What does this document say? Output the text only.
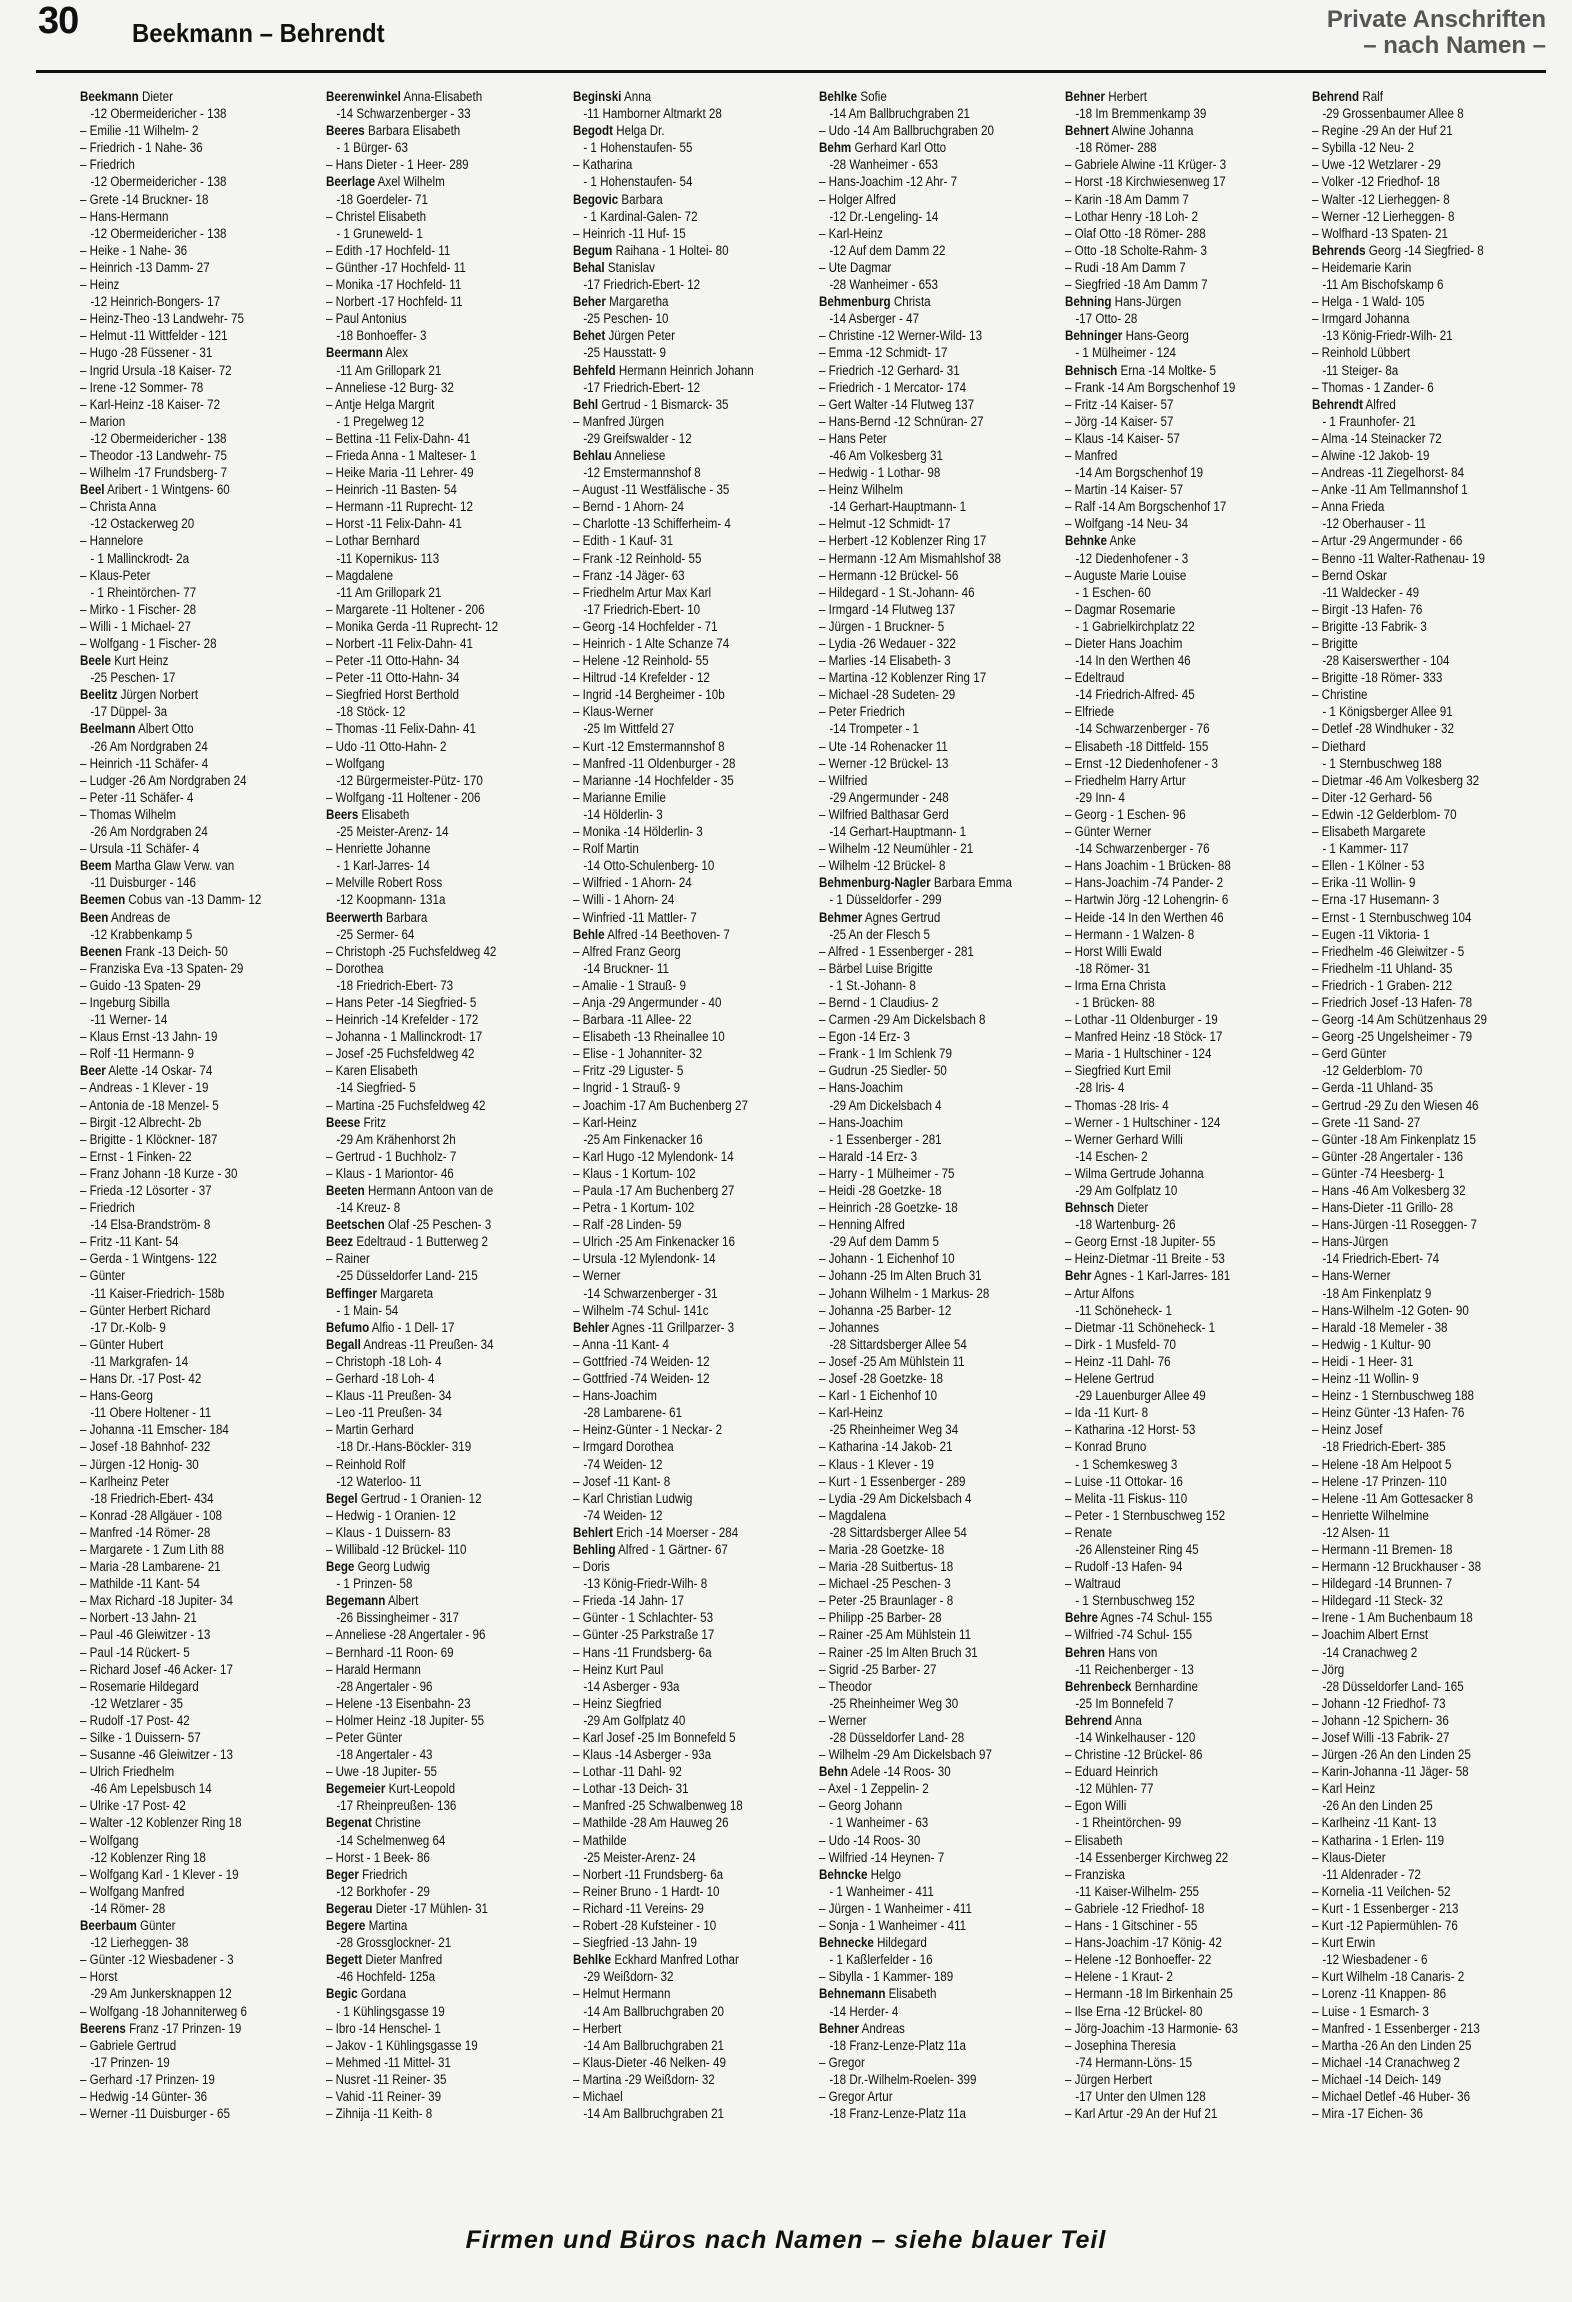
30 Beekmann – Behrendt	Private Anschriften
– nach Namen –
Beekmann Dieter
-12 Obermeidericher - 138
– Emilie -11 Wilhelm- 2
– Friedrich - 1 Nahe- 36
– Friedrich
-12 Obermeidericher - 138
– Grete -14 Bruckner- 18
– Hans-Hermann
-12 Obermeidericher - 138
– Heike - 1 Nahe- 36
– Heinrich -13 Damm- 27
– Heinz
-12 Heinrich-Bongers- 17
– Heinz-Theo -13 Landwehr- 75
– Helmut -11 Wittfelder - 121
– Hugo -28 Füssener - 31
– Ingrid Ursula -18 Kaiser- 72
– Irene -12 Sommer- 78
– Karl-Heinz -18 Kaiser- 72
– Marion
-12 Obermeidericher - 138
– Theodor -13 Landwehr- 75
– Wilhelm -17 Frundsberg- 7
Beel Aribert - 1 Wintgens- 60
– Christa Anna
-12 Ostackerweg 20
– Hannelore
- 1 Mallinckrodt- 2a
– Klaus-Peter
- 1 Rheintörchen- 77
– Mirko - 1 Fischer- 28
– Willi - 1 Michael- 27
– Wolfgang - 1 Fischer- 28
Beele Kurt Heinz
-25 Peschen- 17
Beelitz Jürgen Norbert
-17 Düppel- 3a
Beelmann Albert Otto
-26 Am Nordgraben 24
– Heinrich -11 Schäfer- 4
– Ludger -26 Am Nordgraben 24
– Peter -11 Schäfer- 4
– Thomas Wilhelm
-26 Am Nordgraben 24
– Ursula -11 Schäfer- 4
Beem Martha Glaw Verw. van
-11 Duisburger - 146
Beemen Cobus van -13 Damm- 12
Been Andreas de
-12 Krabbenkamp 5
Beenen Frank -13 Deich- 50
– Franziska Eva -13 Spaten- 29
– Guido -13 Spaten- 29
– Ingeburg Sibilla
-11 Werner- 14
– Klaus Ernst -13 Jahn- 19
– Rolf -11 Hermann- 9
Beer Alette -14 Oskar- 74
– Andreas - 1 Klever - 19
– Antonia de -18 Menzel- 5
– Birgit -12 Albrecht- 2b
– Brigitte - 1 Klöckner- 187
– Ernst - 1 Finken- 22
– Franz Johann -18 Kurze - 30
– Frieda -12 Lösorter - 37
– Friedrich
-14 Elsa-Brandström- 8
– Fritz -11 Kant- 54
– Gerda - 1 Wintgens- 122
– Günter
-11 Kaiser-Friedrich- 158b
– Günter Herbert Richard
-17 Dr.-Kolb- 9
– Günter Hubert
-11 Markgrafen- 14
– Hans Dr. -17 Post- 42
– Hans-Georg
-11 Obere Holtener - 11
– Johanna -11 Emscher- 184
– Josef -18 Bahnhof- 232
– Jürgen -12 Honig- 30
– Karlheinz Peter
-18 Friedrich-Ebert- 434
– Konrad -28 Allgäuer - 108
– Manfred -14 Römer- 28
– Margarete - 1 Zum Lith 88
– Maria -28 Lambarene- 21
– Mathilde -11 Kant- 54
– Max Richard -18 Jupiter- 34
– Norbert -13 Jahn- 21
– Paul -46 Gleiwitzer - 13
– Paul -14 Rückert- 5
– Richard Josef -46 Acker- 17
– Rosemarie Hildegard
-12 Wetzlarer - 35
– Rudolf -17 Post- 42
– Silke - 1 Duissern- 57
– Susanne -46 Gleiwitzer - 13
– Ulrich Friedhelm
-46 Am Lepelsbusch 14
– Ulrike -17 Post- 42
– Walter -12 Koblenzer Ring 18
– Wolfgang
-12 Koblenzer Ring 18
– Wolfgang Karl - 1 Klever - 19
– Wolfgang Manfred
-14 Römer- 28
Beerbaum Günter
-12 Lierheggen- 38
– Günter -12 Wiesbadener - 3
– Horst
-29 Am Junkersknappen 12
– Wolfgang -18 Johanniterweg 6
Beerens Franz -17 Prinzen- 19
– Gabriele Gertrud
-17 Prinzen- 19
– Gerhard -17 Prinzen- 19
– Hedwig -14 Günter- 36
– Werner -11 Duisburger - 65
Beerenwinkel Anna-Elisabeth
-14 Schwarzenberger - 33
Beeres Barbara Elisabeth
- 1 Bürger- 63
– Hans Dieter - 1 Heer- 289
Beerlage Axel Wilhelm
-18 Goerdeler- 71
– Christel Elisabeth
- 1 Gruneweld- 1
– Edith -17 Hochfeld- 11
– Günther -17 Hochfeld- 11
– Monika -17 Hochfeld- 11
– Norbert -17 Hochfeld- 11
– Paul Antonius
-18 Bonhoeffer- 3
Beermann Alex
-11 Am Grillopark 21
– Anneliese -12 Burg- 32
– Antje Helga Margrit
- 1 Pregelweg 12
– Bettina -11 Felix-Dahn- 41
– Frieda Anna - 1 Malteser- 1
– Heike Maria -11 Lehrer- 49
– Heinrich -11 Basten- 54
– Hermann -11 Ruprecht- 12
– Horst -11 Felix-Dahn- 41
– Lothar Bernhard
-11 Kopernikus- 113
– Magdalene
-11 Am Grillopark 21
– Margarete -11 Holtener - 206
– Monika Gerda -11 Ruprecht- 12
– Norbert -11 Felix-Dahn- 41
– Peter -11 Otto-Hahn- 34
– Peter -11 Otto-Hahn- 34
– Siegfried Horst Berthold
-18 Stöck- 12
– Thomas -11 Felix-Dahn- 41
– Udo -11 Otto-Hahn- 2
– Wolfgang
-12 Bürgermeister-Pütz- 170
– Wolfgang -11 Holtener - 206
Beers Elisabeth
-25 Meister-Arenz- 14
– Henriette Johanne
- 1 Karl-Jarres- 14
– Melville Robert Ross
-12 Koopmann- 131a
Beerwerth Barbara
-25 Sermer- 64
– Christoph -25 Fuchsfeldweg 42
– Dorothea
-18 Friedrich-Ebert- 73
– Hans Peter -14 Siegfried- 5
– Heinrich -14 Krefelder - 172
– Johanna - 1 Mallinckrodt- 17
– Josef -25 Fuchsfeldweg 42
– Karen Elisabeth
-14 Siegfried- 5
– Martina -25 Fuchsfeldweg 42
Beese Fritz
-29 Am Krähenhorst 2h
– Gertrud - 1 Buchholz- 7
– Klaus - 1 Mariontor- 46
Beeten Hermann Antoon van de
-14 Kreuz- 8
Beetschen Olaf -25 Peschen- 3
Beez Edeltraud - 1 Butterweg 2
– Rainer
-25 Düsseldorfer Land- 215
Beffinger Margareta
- 1 Main- 54
Befumo Alfio - 1 Dell- 17
Begall Andreas -11 Preußen- 34
– Christoph -18 Loh- 4
– Gerhard -18 Loh- 4
– Klaus -11 Preußen- 34
– Leo -11 Preußen- 34
– Martin Gerhard
-18 Dr.-Hans-Böckler- 319
– Reinhold Rolf
-12 Waterloo- 11
Begel Gertrud - 1 Oranien- 12
– Hedwig - 1 Oranien- 12
– Klaus - 1 Duissern- 83
– Willibald -12 Brückel- 110
Bege Georg Ludwig
- 1 Prinzen- 58
Begemann Albert
-26 Bissingheimer - 317
– Anneliese -28 Angertaler - 96
– Bernhard -11 Roon- 69
– Harald Hermann
-28 Angertaler - 96
– Helene -13 Eisenbahn- 23
– Holmer Heinz -18 Jupiter- 55
– Peter Günter
-18 Angertaler - 43
– Uwe -18 Jupiter- 55
Begemeier Kurt-Leopold
-17 Rheinpreußen- 136
Begenat Christine
-14 Schelmenweg 64
– Horst - 1 Beek- 86
Beger Friedrich
-12 Borkhofer - 29
Begerau Dieter -17 Mühlen- 31
Begere Martina
-28 Grossglockner- 21
Begett Dieter Manfred
-46 Hochfeld- 125a
Begic Gordana
- 1 Kühlingsgasse 19
– Ibro -14 Henschel- 1
– Jakov - 1 Kühlingsgasse 19
– Mehmed -11 Mittel- 31
– Nusret -11 Reiner- 35
– Vahid -11 Reiner- 39
– Zihnija -11 Keith- 8
Beginski Anna
-11 Hamborner Altmarkt 28
Begodt Helga Dr.
- 1 Hohenstaufen- 55
– Katharina
- 1 Hohenstaufen- 54
Begovic Barbara
- 1 Kardinal-Galen- 72
– Heinrich -11 Huf- 15
Begum Raihana - 1 Holtei- 80
Behal Stanislav
-17 Friedrich-Ebert- 12
Beher Margaretha
-25 Peschen- 10
Behet Jürgen Peter
-25 Hausstatt- 9
Behfeld Hermann Heinrich Johann
-17 Friedrich-Ebert- 12
Behl Gertrud - 1 Bismarck- 35
– Manfred Jürgen
-29 Greifswalder - 12
Behlau Anneliese
-12 Emstermannshof 8
– August -11 Westfälische - 35
– Bernd - 1 Ahorn- 24
– Charlotte -13 Schifferheim- 4
– Edith - 1 Kauf- 31
– Frank -12 Reinhold- 55
– Franz -14 Jäger- 63
– Friedhelm Artur Max Karl
-17 Friedrich-Ebert- 10
– Georg -14 Hochfelder - 71
– Heinrich - 1 Alte Schanze 74
– Helene -12 Reinhold- 55
– Hiltrud -14 Krefelder - 12
– Ingrid -14 Bergheimer - 10b
– Klaus-Werner
-25 Im Wittfeld 27
– Kurt -12 Emstermannshof 8
– Manfred -11 Oldenburger - 28
– Marianne -14 Hochfelder - 35
– Marianne Emilie
-14 Hölderlin- 3
– Monika -14 Hölderlin- 3
– Rolf Martin
-14 Otto-Schulenberg- 10
– Wilfried - 1 Ahorn- 24
– Willi - 1 Ahorn- 24
– Winfried -11 Mattler- 7
Behle Alfred -14 Beethoven- 7
– Alfred Franz Georg
-14 Bruckner- 11
– Amalie - 1 Strauß- 9
– Anja -29 Angermunder - 40
– Barbara -11 Allee- 22
– Elisabeth -13 Rheinallee 10
– Elise - 1 Johanniter- 32
– Fritz -29 Liguster- 5
– Ingrid - 1 Strauß- 9
– Joachim -17 Am Buchenberg 27
– Karl-Heinz
-25 Am Finkenacker 16
– Karl Hugo -12 Mylendonk- 14
– Klaus - 1 Kortum- 102
– Paula -17 Am Buchenberg 27
– Petra - 1 Kortum- 102
– Ralf -28 Linden- 59
– Ulrich -25 Am Finkenacker 16
– Ursula -12 Mylendonk- 14
– Werner
-14 Schwarzenberger - 31
– Wilhelm -74 Schul- 141c
Behler Agnes -11 Grillparzer- 3
– Anna -11 Kant- 4
– Gottfried -74 Weiden- 12
– Gottfried -74 Weiden- 12
– Hans-Joachim
-28 Lambarene- 61
– Heinz-Günter - 1 Neckar- 2
– Irmgard Dorothea
-74 Weiden- 12
– Josef -11 Kant- 8
– Karl Christian Ludwig
-74 Weiden- 12
Behlert Erich -14 Moerser - 284
Behling Alfred - 1 Gärtner- 67
– Doris
-13 König-Friedr-Wilh- 8
– Frieda -14 Jahn- 17
– Günter - 1 Schlachter- 53
– Günter -25 Parkstraße 17
– Hans -11 Frundsberg- 6a
– Heinz Kurt Paul
-14 Asberger - 93a
– Heinz Siegfried
-29 Am Golfplatz 40
– Karl Josef -25 Im Bonnefeld 5
– Klaus -14 Asberger - 93a
– Lothar -11 Dahl- 92
– Lothar -13 Deich- 31
– Manfred -25 Schwalbenweg 18
– Mathilde -28 Am Hauweg 26
– Mathilde
-25 Meister-Arenz- 24
– Norbert -11 Frundsberg- 6a
– Reiner Bruno - 1 Hardt- 10
– Richard -11 Vereins- 29
– Robert -28 Kufsteiner - 10
– Siegfried -13 Jahn- 19
Behlke Eckhard Manfred Lothar
-29 Weißdorn- 32
– Helmut Hermann
-14 Am Ballbruchgraben 20
– Herbert
-14 Am Ballbruchgraben 21
– Klaus-Dieter -46 Nelken- 49
– Martina -29 Weißdorn- 32
– Michael
-14 Am Ballbruchgraben 21
Behlke Sofie
-14 Am Ballbruchgraben 21
– Udo -14 Am Ballbruchgraben 20
Behm Gerhard Karl Otto
-28 Wanheimer - 653
– Hans-Joachim -12 Ahr- 7
– Holger Alfred
-12 Dr.-Lengeling- 14
– Karl-Heinz
-12 Auf dem Damm 22
– Ute Dagmar
-28 Wanheimer - 653
Behmenburg Christa
-14 Asberger - 47
– Christine -12 Werner-Wild- 13
– Emma -12 Schmidt- 17
– Friedrich -12 Gerhard- 31
– Friedrich - 1 Mercator- 174
– Gert Walter -14 Flutweg 137
– Hans-Bernd -12 Schnüran- 27
– Hans Peter
-46 Am Volkesberg 31
– Hedwig - 1 Lothar- 98
– Heinz Wilhelm
-14 Gerhart-Hauptmann- 1
– Helmut -12 Schmidt- 17
– Herbert -12 Koblenzer Ring 17
– Hermann -12 Am Mismahlshof 38
– Hermann -12 Brückel- 56
– Hildegard - 1 St.-Johann- 46
– Irmgard -14 Flutweg 137
– Jürgen - 1 Bruckner- 5
– Lydia -26 Wedauer - 322
– Marlies -14 Elisabeth- 3
– Martina -12 Koblenzer Ring 17
– Michael -28 Sudeten- 29
– Peter Friedrich
-14 Trompeter - 1
– Ute -14 Rohenacker 11
– Werner -12 Brückel- 13
– Wilfried
-29 Angermunder - 248
– Wilfried Balthasar Gerd
-14 Gerhart-Hauptmann- 1
– Wilhelm -12 Neumühler - 21
– Wilhelm -12 Brückel- 8
Behmenburg-Nagler Barbara Emma
- 1 Düsseldorfer - 299
Behmer Agnes Gertrud
-25 An der Flesch 5
– Alfred - 1 Essenberger - 281
– Bärbel Luise Brigitte
- 1 St.-Johann- 8
– Bernd - 1 Claudius- 2
– Carmen -29 Am Dickelsbach 8
– Egon -14 Erz- 3
– Frank - 1 Im Schlenk 79
– Gudrun -25 Siedler- 50
– Hans-Joachim
-29 Am Dickelsbach 4
– Hans-Joachim
- 1 Essenberger - 281
– Harald -14 Erz- 3
– Harry - 1 Mülheimer - 75
– Heidi -28 Goetzke- 18
– Heinrich -28 Goetzke- 18
– Henning Alfred
-29 Auf dem Damm 5
– Johann - 1 Eichenhof 10
– Johann -25 Im Alten Bruch 31
– Johann Wilhelm - 1 Markus- 28
– Johanna -25 Barber- 12
– Johannes
-28 Sittardsberger Allee 54
– Josef -25 Am Mühlstein 11
– Josef -28 Goetzke- 18
– Karl - 1 Eichenhof 10
– Karl-Heinz
-25 Rheinheimer Weg 34
– Katharina -14 Jakob- 21
– Klaus - 1 Klever - 19
– Kurt - 1 Essenberger - 289
– Lydia -29 Am Dickelsbach 4
– Magdalena
-28 Sittardsberger Allee 54
– Maria -28 Goetzke- 18
– Maria -28 Suitbertus- 18
– Michael -25 Peschen- 3
– Peter -25 Braunlager - 8
– Philipp -25 Barber- 28
– Rainer -25 Am Mühlstein 11
– Rainer -25 Im Alten Bruch 31
– Sigrid -25 Barber- 27
– Theodor
-25 Rheinheimer Weg 30
– Werner
-28 Düsseldorfer Land- 28
– Wilhelm -29 Am Dickelsbach 97
Behn Adele -14 Roos- 30
– Axel - 1 Zeppelin- 2
– Georg Johann
- 1 Wanheimer - 63
– Udo -14 Roos- 30
– Wilfried -14 Heynen- 7
Behncke Helgo
- 1 Wanheimer - 411
– Jürgen - 1 Wanheimer - 411
– Sonja - 1 Wanheimer - 411
Behnecke Hildegard
- 1 Kaßlerfelder - 16
– Sibylla - 1 Kammer- 189
Behnemann Elisabeth
-14 Herder- 4
Behner Andreas
-18 Franz-Lenze-Platz 11a
– Gregor
-18 Dr.-Wilhelm-Roelen- 399
– Gregor Artur
-18 Franz-Lenze-Platz 11a
Behner Herbert
-18 Im Bremmenkamp 39
Behnert Alwine Johanna
-18 Römer- 288
– Gabriele Alwine -11 Krüger- 3
– Horst -18 Kirchwiesenweg 17
– Karin -18 Am Damm 7
– Lothar Henry -18 Loh- 2
– Olaf Otto -18 Römer- 288
– Otto -18 Scholte-Rahm- 3
– Rudi -18 Am Damm 7
– Siegfried -18 Am Damm 7
Behning Hans-Jürgen
-17 Otto- 28
Behninger Hans-Georg
- 1 Mülheimer - 124
Behnisch Erna -14 Moltke- 5
– Frank -14 Am Borgschenhof 19
– Fritz -14 Kaiser- 57
– Jörg -14 Kaiser- 57
– Klaus -14 Kaiser- 57
– Manfred
-14 Am Borgschenhof 19
– Martin -14 Kaiser- 57
– Ralf -14 Am Borgschenhof 17
– Wolfgang -14 Neu- 34
Behnke Anke
-12 Diedenhofener - 3
– Auguste Marie Louise
- 1 Eschen- 60
– Dagmar Rosemarie
- 1 Gabrielkirchplatz 22
– Dieter Hans Joachim
-14 In den Werthen 46
– Edeltraud
-14 Friedrich-Alfred- 45
– Elfriede
-14 Schwarzenberger - 76
– Elisabeth -18 Dittfeld- 155
– Ernst -12 Diedenhofener - 3
– Friedhelm Harry Artur
-29 Inn- 4
– Georg - 1 Eschen- 96
– Günter Werner
-14 Schwarzenberger - 76
– Hans Joachim - 1 Brücken- 88
– Hans-Joachim -74 Pander- 2
– Hartwin Jörg -12 Lohengrin- 6
– Heide -14 In den Werthen 46
– Hermann - 1 Walzen- 8
– Horst Willi Ewald
-18 Römer- 31
– Irma Erna Christa
- 1 Brücken- 88
– Lothar -11 Oldenburger - 19
– Manfred Heinz -18 Stöck- 17
– Maria - 1 Hultschiner - 124
– Siegfried Kurt Emil
-28 Iris- 4
– Thomas -28 Iris- 4
– Werner - 1 Hultschiner - 124
– Werner Gerhard Willi
-14 Eschen- 2
– Wilma Gertrude Johanna
-29 Am Golfplatz 10
Behnsch Dieter
-18 Wartenburg- 26
– Georg Ernst -18 Jupiter- 55
– Heinz-Dietmar -11 Breite - 53
Behr Agnes - 1 Karl-Jarres- 181
– Artur Alfons
-11 Schöneheck- 1
– Dietmar -11 Schöneheck- 1
– Dirk - 1 Musfeld- 70
– Heinz -11 Dahl- 76
– Helene Gertrud
-29 Lauenburger Allee 49
– Ida -11 Kurt- 8
– Katharina -12 Horst- 53
– Konrad Bruno
- 1 Schemkesweg 3
– Luise -11 Ottokar- 16
– Melita -11 Fiskus- 110
– Peter - 1 Sternbuschweg 152
– Renate
-26 Allensteiner Ring 45
– Rudolf -13 Hafen- 94
– Waltraud
- 1 Sternbuschweg 152
Behre Agnes -74 Schul- 155
– Wilfried -74 Schul- 155
Behren Hans von
-11 Reichenberger - 13
Behrenbeck Bernhardine
-25 Im Bonnefeld 7
Behrend Anna
-14 Winkelhauser - 120
– Christine -12 Brückel- 86
– Eduard Heinrich
-12 Mühlen- 77
– Egon Willi
- 1 Rheintörchen- 99
– Elisabeth
-14 Essenberger Kirchweg 22
– Franziska
-11 Kaiser-Wilhelm- 255
– Gabriele -12 Friedhof- 18
– Hans - 1 Gitschiner - 55
– Hans-Joachim -17 König- 42
– Helene -12 Bonhoeffer- 22
– Helene - 1 Kraut- 2
– Hermann -18 Im Birkenhain 25
– Ilse Erna -12 Brückel- 80
– Jörg-Joachim -13 Harmonie- 63
– Josephina Theresia
-74 Hermann-Löns- 15
– Jürgen Herbert
-17 Unter den Ulmen 128
– Karl Artur -29 An der Huf 21
Behrend Ralf
-29 Grossenbaumer Allee 8
– Regine -29 An der Huf 21
– Sybilla -12 Neu- 2
– Uwe -12 Wetzlarer - 29
– Volker -12 Friedhof- 18
– Walter -12 Lierheggen- 8
– Werner -12 Lierheggen- 8
– Wolfhard -13 Spaten- 21
Behrends Georg -14 Siegfried- 8
– Heidemarie Karin
-11 Am Bischofskamp 6
– Helga - 1 Wald- 105
– Irmgard Johanna
-13 König-Friedr-Wilh- 21
– Reinhold Lübbert
-11 Steiger- 8a
– Thomas - 1 Zander- 6
Behrendt Alfred
- 1 Fraunhofer- 21
– Alma -14 Steinacker 72
– Alwine -12 Jakob- 19
– Andreas -11 Ziegelhorst- 84
– Anke -11 Am Tellmannshof 1
– Anna Frieda
-12 Oberhauser - 11
– Artur -29 Angermunder - 66
– Benno -11 Walter-Rathenau- 19
– Bernd Oskar
-11 Waldecker - 49
– Birgit -13 Hafen- 76
– Brigitte -13 Fabrik- 3
– Brigitte
-28 Kaiserswerther - 104
– Brigitte -18 Römer- 333
– Christine
- 1 Königsberger Allee 91
– Detlef -28 Windhuker - 32
– Diethard
- 1 Sternbuschweg 188
– Dietmar -46 Am Volkesberg 32
– Diter -12 Gerhard- 56
– Edwin -12 Gelderblom- 70
– Elisabeth Margarete
- 1 Kammer- 117
– Ellen - 1 Kölner - 53
– Erika -11 Wollin- 9
– Erna -17 Husemann- 3
– Ernst - 1 Sternbuschweg 104
– Eugen -11 Viktoria- 1
– Friedhelm -46 Gleiwitzer - 5
– Friedhelm -11 Uhland- 35
– Friedrich - 1 Graben- 212
– Friedrich Josef -13 Hafen- 78
– Georg -14 Am Schützenhaus 29
– Georg -25 Ungelsheimer - 79
– Gerd Günter
-12 Gelderblom- 70
– Gerda -11 Uhland- 35
– Gertrud -29 Zu den Wiesen 46
– Grete -11 Sand- 27
– Günter -18 Am Finkenplatz 15
– Günter -28 Angertaler - 136
– Günter -74 Heesberg- 1
– Hans -46 Am Volkesberg 32
– Hans-Dieter -11 Grillo- 28
– Hans-Jürgen -11 Roseggen- 7
– Hans-Jürgen
-14 Friedrich-Ebert- 74
– Hans-Werner
-18 Am Finkenplatz 9
– Hans-Wilhelm -12 Goten- 90
– Harald -18 Memeler - 38
– Hedwig - 1 Kultur- 90
– Heidi - 1 Heer- 31
– Heinz -11 Wollin- 9
– Heinz - 1 Sternbuschweg 188
– Heinz Günter -13 Hafen- 76
– Heinz Josef
-18 Friedrich-Ebert- 385
– Helene -18 Am Helpoot 5
– Helene -17 Prinzen- 110
– Helene -11 Am Gottesacker 8
– Henriette Wilhelmine
-12 Alsen- 11
– Hermann -11 Bremen- 18
– Hermann -12 Bruckhauser - 38
– Hildegard -14 Brunnen- 7
– Hildegard -11 Steck- 32
– Irene - 1 Am Buchenbaum 18
– Joachim Albert Ernst
-14 Cranachweg 2
– Jörg
-28 Düsseldorfer Land- 165
– Johann -12 Friedhof- 73
– Johann -12 Spichern- 36
– Josef Willi -13 Fabrik- 27
– Jürgen -26 An den Linden 25
– Karin-Johanna -11 Jäger- 58
– Karl Heinz
-26 An den Linden 25
– Karlheinz -11 Kant- 13
– Katharina - 1 Erlen- 119
– Klaus-Dieter
-11 Aldenrader - 72
– Kornelia -11 Veilchen- 52
– Kurt - 1 Essenberger - 213
– Kurt -12 Papiermühlen- 76
– Kurt Erwin
-12 Wiesbadener - 6
– Kurt Wilhelm -18 Canaris- 2
– Lorenz -11 Knappen- 86
– Luise - 1 Esmarch- 3
– Manfred - 1 Essenberger - 213
– Martha -26 An den Linden 25
– Michael -14 Cranachweg 2
– Michael -14 Deich- 149
– Michael Detlef -46 Huber- 36
– Mira -17 Eichen- 36
Firmen und Büros nach Namen – siehe blauer Teil
